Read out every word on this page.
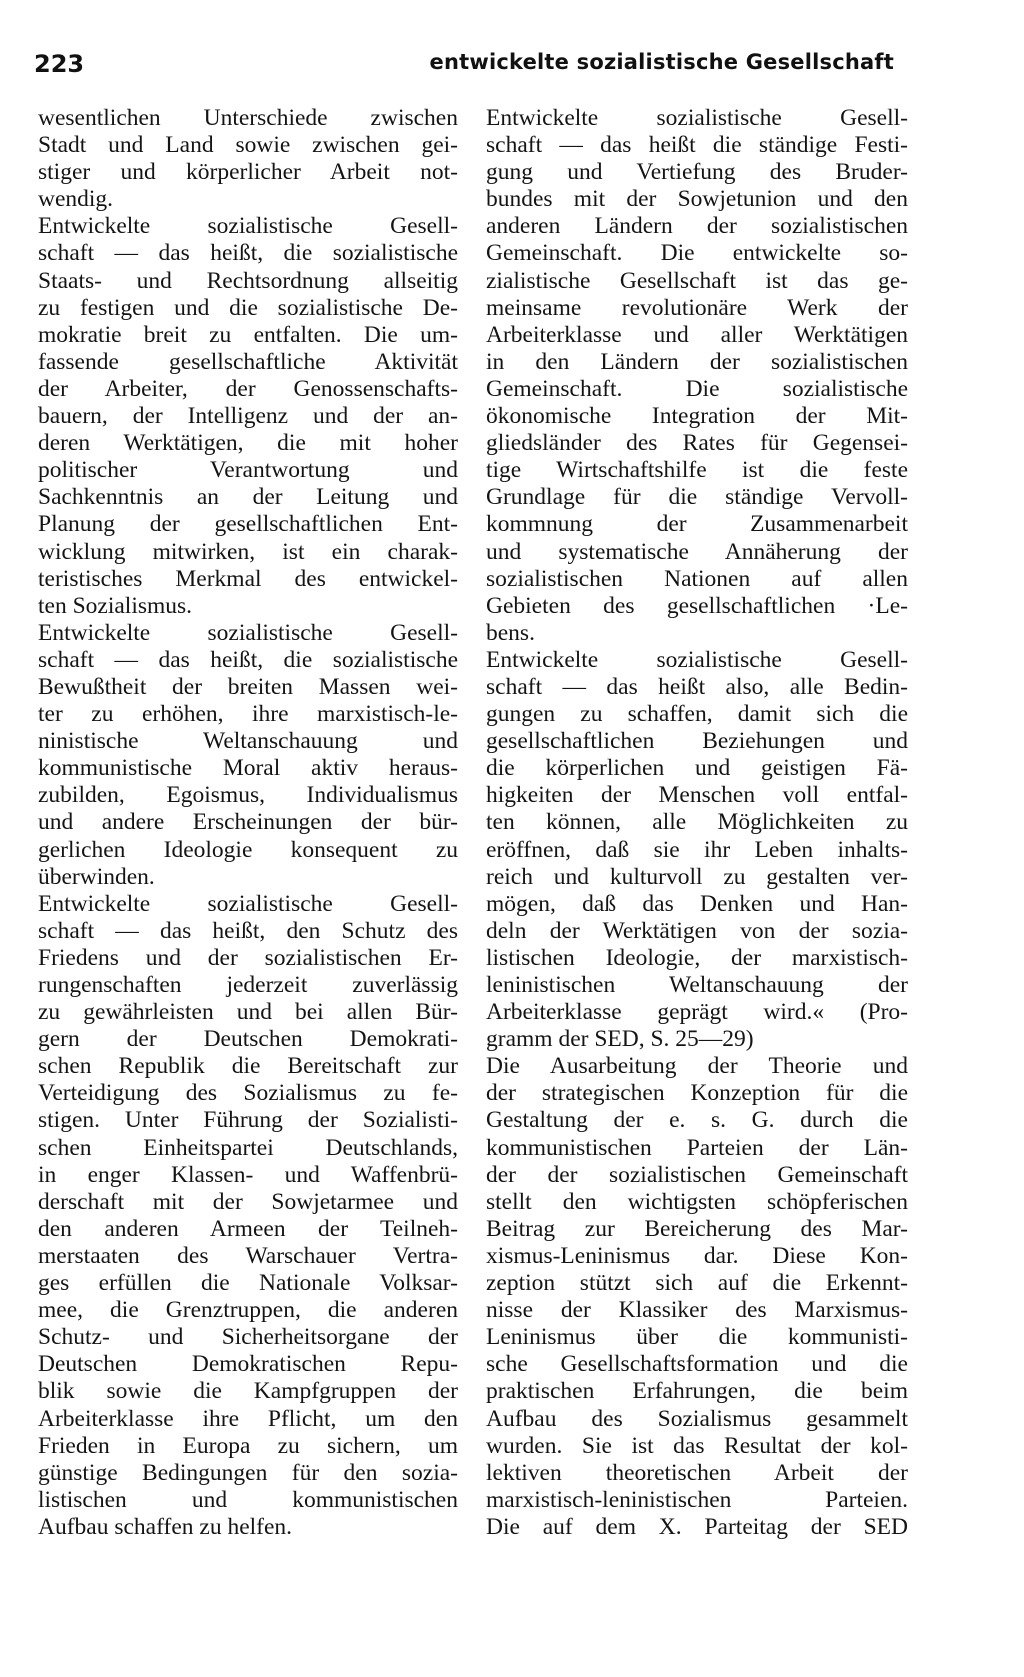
223	entwickelte sozialistische Gesellschaft
wesentlichen Unterschiede zwischen
Stadt und Land sowie zwischen gei-
stiger und körperlicher Arbeit not-
wendig.
Entwickelte sozialistische Gesell-
schaft — das heißt, die sozialistische
Staats- und Rechtsordnung allseitig
zu festigen und die sozialistische De-
mokratie breit zu entfalten. Die um-
fassende gesellschaftliche Aktivität
der Arbeiter, der Genossenschafts-
bauern, der Intelligenz und der an-
deren Werktätigen, die mit hoher
politischer Verantwortung und
Sachkenntnis an der Leitung und
Planung der gesellschaftlichen Ent-
wicklung mitwirken, ist ein charak-
teristisches Merkmal des entwickel-
ten Sozialismus.
Entwickelte sozialistische Gesell-
schaft — das heißt, die sozialistische
Bewußtheit der breiten Massen wei-
ter zu erhöhen, ihre marxistisch-le-
ninistische Weltanschauung und
kommunistische Moral aktiv heraus-
zubilden, Egoismus, Individualismus
und andere Erscheinungen der bür-
gerlichen Ideologie konsequent zu
überwinden.
Entwickelte sozialistische Gesell-
schaft — das heißt, den Schutz des
Friedens und der sozialistischen Er-
rungenschaften jederzeit zuverlässig
zu gewährleisten und bei allen Bür-
gern der Deutschen Demokrati-
schen Republik die Bereitschaft zur
Verteidigung des Sozialismus zu fe-
stigen. Unter Führung der Sozialisti-
schen Einheitspartei Deutschlands,
in enger Klassen- und Waffenbrü-
derschaft mit der Sowjetarmee und
den anderen Armeen der Teilneh-
merstaaten des Warschauer Vertra-
ges erfüllen die Nationale Volksar-
mee, die Grenztruppen, die anderen
Schutz- und Sicherheitsorgane der
Deutschen Demokratischen Repu-
blik sowie die Kampfgruppen der
Arbeiterklasse ihre Pflicht, um den
Frieden in Europa zu sichern, um
günstige Bedingungen für den sozia-
listischen und kommunistischen
Aufbau schaffen zu helfen.
Entwickelte sozialistische Gesell-
schaft — das heißt die ständige Festi-
gung und Vertiefung des Bruder-
bundes mit der Sowjetunion und den
anderen Ländern der sozialistischen
Gemeinschaft. Die entwickelte so-
zialistische Gesellschaft ist das ge-
meinsame revolutionäre Werk der
Arbeiterklasse und aller Werktätigen
in den Ländern der sozialistischen
Gemeinschaft. Die sozialistische
ökonomische Integration der Mit-
gliedsländer des Rates für Gegensei-
tige Wirtschaftshilfe ist die feste
Grundlage für die ständige Vervoll-
kommnung der Zusammenarbeit
und systematische Annäherung der
sozialistischen Nationen auf allen
Gebieten des gesellschaftlichen ·Le-
bens.
Entwickelte sozialistische Gesell-
schaft — das heißt also, alle Bedin-
gungen zu schaffen, damit sich die
gesellschaftlichen Beziehungen und
die körperlichen und geistigen Fä-
higkeiten der Menschen voll entfal-
ten können, alle Möglichkeiten zu
eröffnen, daß sie ihr Leben inhalts-
reich und kulturvoll zu gestalten ver-
mögen, daß das Denken und Han-
deln der Werktätigen von der sozia-
listischen Ideologie, der marxistisch-
leninistischen Weltanschauung der
Arbeiterklasse geprägt wird.« (Pro-
gramm der SED, S. 25—29)
Die Ausarbeitung der Theorie und
der strategischen Konzeption für die
Gestaltung der e. s. G. durch die
kommunistischen Parteien der Län-
der der sozialistischen Gemeinschaft
stellt den wichtigsten schöpferischen
Beitrag zur Bereicherung des Mar-
xismus-Leninismus dar. Diese Kon-
zeption stützt sich auf die Erkennt-
nisse der Klassiker des Marxismus-
Leninismus über die kommunisti-
sche Gesellschaftsformation und die
praktischen Erfahrungen, die beim
Aufbau des Sozialismus gesammelt
wurden. Sie ist das Resultat der kol-
lektiven theoretischen Arbeit der
marxistisch-leninistischen Parteien.
Die auf dem X. Parteitag der SED
